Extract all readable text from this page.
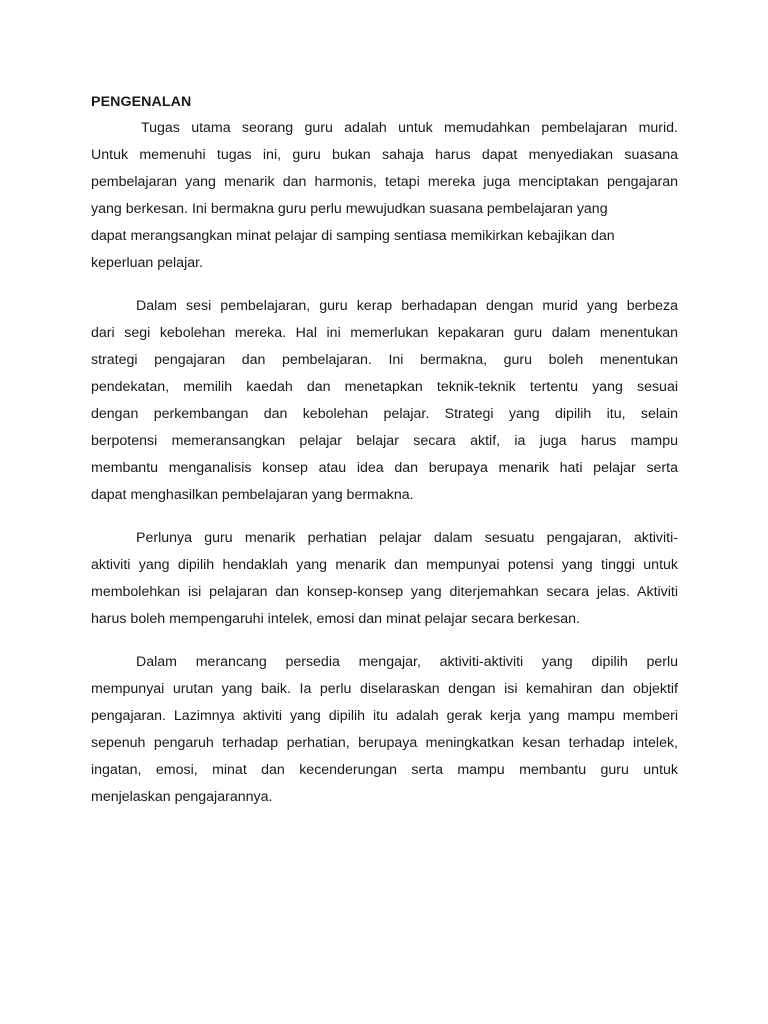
PENGENALAN
Tugas utama seorang guru adalah untuk memudahkan pembelajaran murid.
Untuk memenuhi tugas ini, guru bukan sahaja harus dapat menyediakan suasana
pembelajaran yang menarik dan harmonis, tetapi mereka juga menciptakan pengajaran
yang berkesan. Ini bermakna guru perlu mewujudkan suasana pembelajaran yang
dapat merangsangkan minat pelajar di samping sentiasa memikirkan kebajikan dan
keperluan pelajar.
Dalam sesi pembelajaran, guru kerap berhadapan dengan murid yang berbeza
dari segi kebolehan mereka. Hal ini memerlukan kepakaran guru dalam menentukan
strategi pengajaran dan pembelajaran. Ini bermakna, guru boleh menentukan
pendekatan, memilih kaedah dan menetapkan teknik-teknik tertentu yang sesuai
dengan perkembangan dan kebolehan pelajar. Strategi yang dipilih itu, selain
berpotensi memeransangkan pelajar belajar secara aktif, ia juga harus mampu
membantu menganalisis konsep atau idea dan berupaya menarik hati pelajar serta
dapat menghasilkan pembelajaran yang bermakna.
Perlunya guru menarik perhatian pelajar dalam sesuatu pengajaran, aktiviti-
aktiviti yang dipilih hendaklah yang menarik dan mempunyai potensi yang tinggi untuk
membolehkan isi pelajaran dan konsep-konsep yang diterjemahkan secara jelas. Aktiviti
harus boleh mempengaruhi intelek, emosi dan minat pelajar secara berkesan.
Dalam merancang persedia mengajar, aktiviti-aktiviti yang dipilih perlu
mempunyai urutan yang baik. Ia perlu diselaraskan dengan isi kemahiran dan objektif
pengajaran. Lazimnya aktiviti yang dipilih itu adalah gerak kerja yang mampu memberi
sepenuh pengaruh terhadap perhatian, berupaya meningkatkan kesan terhadap intelek,
ingatan, emosi, minat dan kecenderungan serta mampu membantu guru untuk
menjelaskan pengajarannya.
